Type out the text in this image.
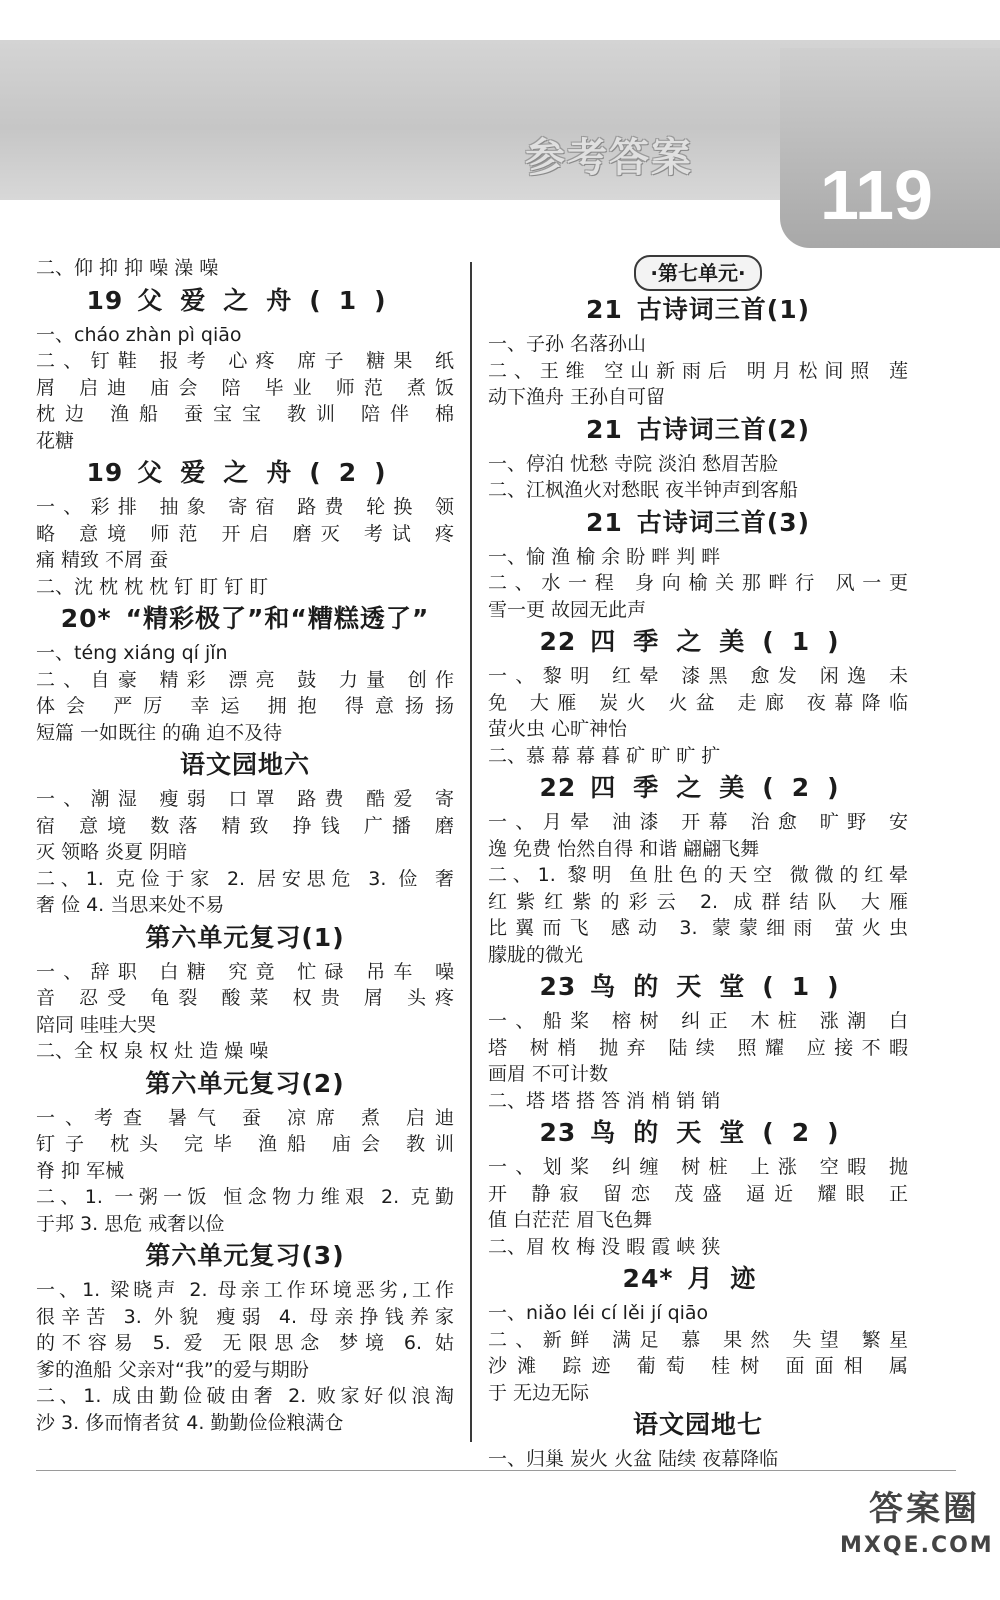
参考答案 119
二、仰 抑 抑 噪 澡 噪
19 父爱之舟(1)
一、cháo zhàn pì qiāo
二、钉鞋 报考 心疼 席子 糖果 纸
屑 启迪 庙会 陪 毕业 师范 煮饭
枕边 渔船 蚕宝宝 教训 陪伴 棉
花糖
19 父爱之舟(2)
一、彩排 抽象 寄宿 路费 轮换 领
略 意境 师范 开启 磨灭 考试 疼
痛 精致 不屑 蚕
二、沈 枕 枕 枕 钉 盯 钉 盯
20* “精彩极了”和“糟糕透了”
一、téng xiáng qí jǐn
二、自豪 精彩 漂亮 鼓 力量 创作
体会 严厉 幸运 拥抱 得意扬扬
短篇 一如既往 的确 迫不及待
语文园地六
一、潮湿 瘦弱 口罩 路费 酷爱 寄
宿 意境 数落 精致 挣钱 广播 磨
灭 领略 炎夏 阴暗
二、1. 克俭于家 2. 居安思危 3. 俭 奢
奢 俭 4. 当思来处不易
第六单元复习(1)
一、辞职 白糖 究竟 忙碌 吊车 噪
音 忍受 龟裂 酸菜 权贵 屑 头疼
陪同 哇哇大哭
二、全 权 泉 权 灶 造 燥 噪
第六单元复习(2)
一、考查 暑气 蚕 凉席 煮 启迪
钉子 枕头 完毕 渔船 庙会 教训
脊 抑 军械
二、1. 一粥一饭 恒念物力维艰 2. 克勤
于邦 3. 思危 戒奢以俭
第六单元复习(3)
一、1. 梁晓声 2. 母亲工作环境恶劣,工作
很辛苦 3. 外貌 瘦弱 4. 母亲挣钱养家
的不容易 5. 爱 无限思念 梦境 6. 姑
爹的渔船 父亲对“我”的爱与期盼
二、1. 成由勤俭破由奢 2. 败家好似浪淘
沙 3. 侈而惰者贫 4. 勤勤俭俭粮满仓
·第七单元·
21 古诗词三首(1)
一、子孙 名落孙山
二、王维 空山新雨后 明月松间照 莲
动下渔舟 王孙自可留
21 古诗词三首(2)
一、停泊 忧愁 寺院 淡泊 愁眉苦脸
二、江枫渔火对愁眠 夜半钟声到客船
21 古诗词三首(3)
一、愉 渔 榆 余 盼 畔 判 畔
二、水一程 身向榆关那畔行 风一更
雪一更 故园无此声
22 四季之美(1)
一、黎明 红晕 漆黑 愈发 闲逸 未
免 大雁 炭火 火盆 走廊 夜幕降临
萤火虫 心旷神怡
二、慕 幕 幕 暮 矿 旷 旷 扩
22 四季之美(2)
一、月晕 油漆 开幕 治愈 旷野 安
逸 免费 怡然自得 和谐 翩翩飞舞
二、1. 黎明 鱼肚色的天空 微微的红晕
红紫红紫的彩云 2. 成群结队 大雁
比翼而飞 感动 3. 蒙蒙细雨 萤火虫
朦胧的微光
23 鸟的天堂(1)
一、船桨 榕树 纠正 木桩 涨潮 白
塔 树梢 抛弃 陆续 照耀 应接不暇
画眉 不可计数
二、塔 塔 搭 答 消 梢 销 销
23 鸟的天堂(2)
一、划桨 纠缠 树桩 上涨 空暇 抛
开 静寂 留恋 茂盛 逼近 耀眼 正
值 白茫茫 眉飞色舞
二、眉 枚 梅 没 暇 霞 峡 狭
24* 月迹
一、niǎo léi cí lěi jí qiāo
二、新鲜 满足 慕 果然 失望 繁星
沙滩 踪迹 葡萄 桂树 面面相 属
于 无边无际
语文园地七
一、归巢 炭火 火盆 陆续 夜幕降临
答案圈
MXQE.COM
